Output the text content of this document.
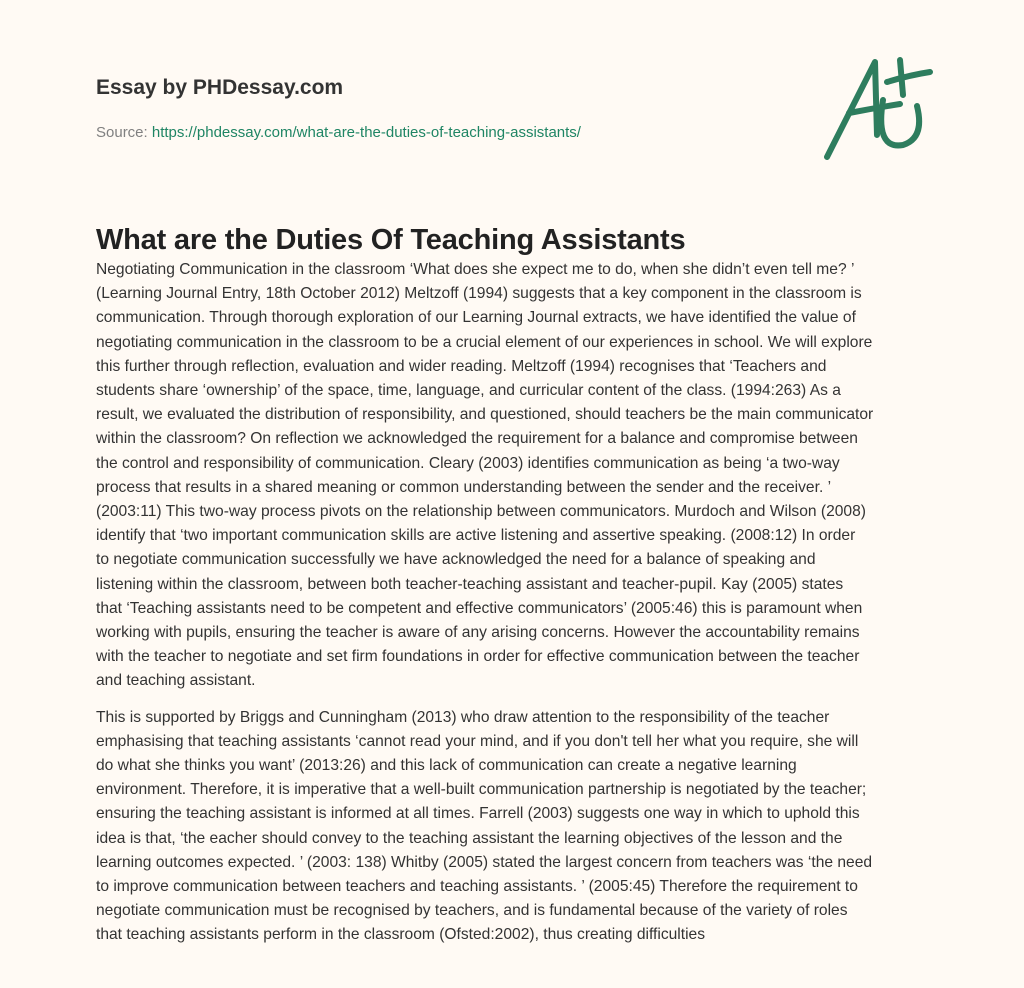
Essay by PHDessay.com
Source: https://phdessay.com/what-are-the-duties-of-teaching-assistants/
What are the Duties Of Teaching Assistants

Negotiating Communication in the classroom ‘What does she expect me to do, when she didn’t even tell me? ’
(Learning Journal Entry, 18th October 2012) Meltzoff (1994) suggests that a key component in the classroom is
communication. Through thorough exploration of our Learning Journal extracts, we have identified the value of
negotiating communication in the classroom to be a crucial element of our experiences in school. We will explore
this further through reflection, evaluation and wider reading. Meltzoff (1994) recognises that ‘Teachers and
students share ‘ownership’ of the space, time, language, and curricular content of the class. (1994:263) As a
result, we evaluated the distribution of responsibility, and questioned, should teachers be the main communicator
within the classroom? On reflection we acknowledged the requirement for a balance and compromise between
the control and responsibility of communication. Cleary (2003) identifies communication as being ‘a two-way
process that results in a shared meaning or common understanding between the sender and the receiver. ’
(2003:11) This two-way process pivots on the relationship between communicators. Murdoch and Wilson (2008)
identify that ‘two important communication skills are active listening and assertive speaking. (2008:12) In order
to negotiate communication successfully we have acknowledged the need for a balance of speaking and
listening within the classroom, between both teacher-teaching assistant and teacher-pupil. Kay (2005) states
that ‘Teaching assistants need to be competent and effective communicators’ (2005:46) this is paramount when
working with pupils, ensuring the teacher is aware of any arising concerns. However the accountability remains
with the teacher to negotiate and set firm foundations in order for effective communication between the teacher
and teaching assistant.

This is supported by Briggs and Cunningham (2013) who draw attention to the responsibility of the teacher
emphasising that teaching assistants ‘cannot read your mind, and if you don't tell her what you require, she will
do what she thinks you want’ (2013:26) and this lack of communication can create a negative learning
environment. Therefore, it is imperative that a well-built communication partnership is negotiated by the teacher;
ensuring the teaching assistant is informed at all times. Farrell (2003) suggests one way in which to uphold this
idea is that, ‘the eacher should convey to the teaching assistant the learning objectives of the lesson and the
learning outcomes expected. ’ (2003: 138) Whitby (2005) stated the largest concern from teachers was ‘the need
to improve communication between teachers and teaching assistants. ’ (2005:45) Therefore the requirement to
negotiate communication must be recognised by teachers, and is fundamental because of the variety of roles
that teaching assistants perform in the classroom (Ofsted:2002), thus creating difficulties
